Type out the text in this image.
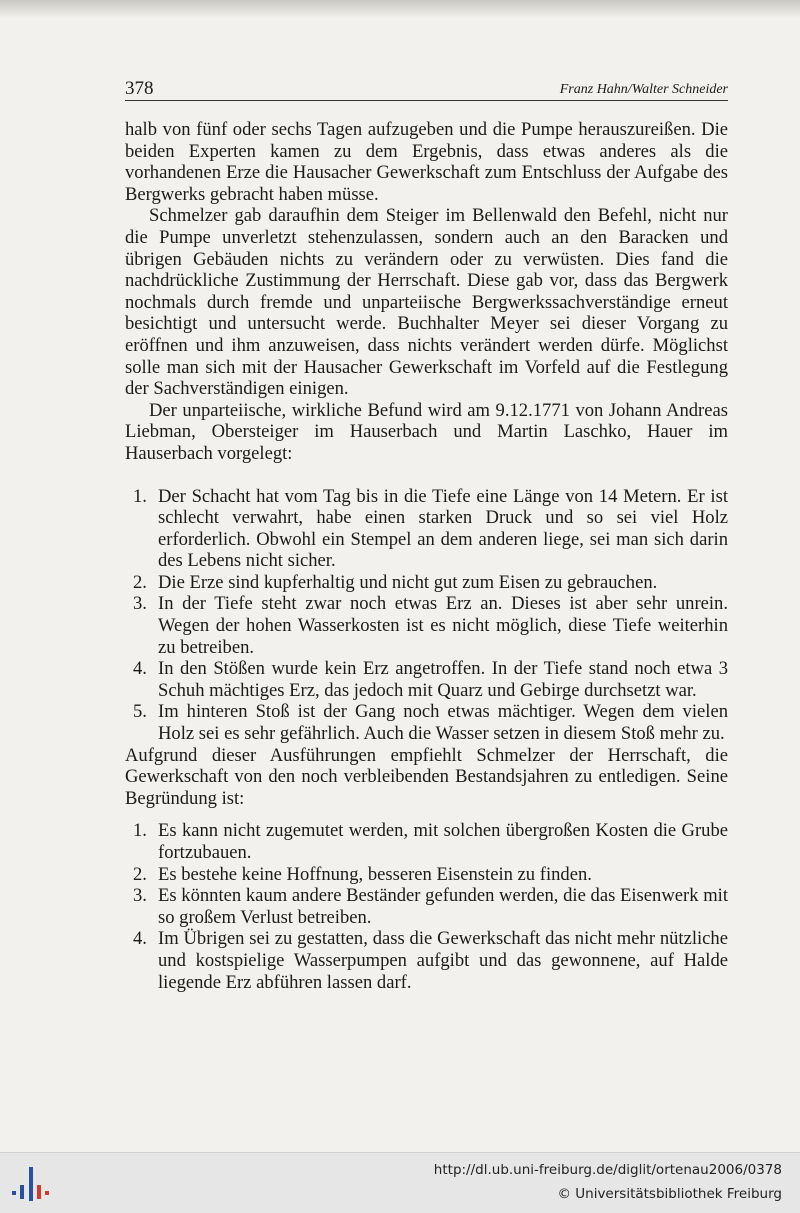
378	Franz Hahn/Walter Schneider

halb von fünf oder sechs Tagen aufzugeben und die Pumpe herauszureißen. Die beiden Experten kamen zu dem Ergebnis, dass etwas anderes als die vorhandenen Erze die Hausacher Gewerkschaft zum Entschluss der Aufgabe des Bergwerks gebracht haben müsse.

Schmelzer gab daraufhin dem Steiger im Bellenwald den Befehl, nicht nur die Pumpe unverletzt stehenzulassen, sondern auch an den Baracken und übrigen Gebäuden nichts zu verändern oder zu verwüsten. Dies fand die nachdrückliche Zustimmung der Herrschaft. Diese gab vor, dass das Bergwerk nochmals durch fremde und unparteiische Bergwerkssachverständige erneut besichtigt und untersucht werde. Buchhalter Meyer sei dieser Vorgang zu eröffnen und ihm anzuweisen, dass nichts verändert werden dürfe. Möglichst solle man sich mit der Hausacher Gewerkschaft im Vorfeld auf die Festlegung der Sachverständigen einigen.

Der unparteiische, wirkliche Befund wird am 9.12.1771 von Johann Andreas Liebman, Obersteiger im Hauserbach und Martin Laschko, Hauer im Hauserbach vorgelegt:

1. Der Schacht hat vom Tag bis in die Tiefe eine Länge von 14 Metern. Er ist schlecht verwahrt, habe einen starken Druck und so sei viel Holz erforderlich. Obwohl ein Stempel an dem anderen liege, sei man sich darin des Lebens nicht sicher.
2. Die Erze sind kupferhaltig und nicht gut zum Eisen zu gebrauchen.
3. In der Tiefe steht zwar noch etwas Erz an. Dieses ist aber sehr unrein. Wegen der hohen Wasserkosten ist es nicht möglich, diese Tiefe weiterhin zu betreiben.
4. In den Stößen wurde kein Erz angetroffen. In der Tiefe stand noch etwa 3 Schuh mächtiges Erz, das jedoch mit Quarz und Gebirge durchsetzt war.
5. Im hinteren Stoß ist der Gang noch etwas mächtiger. Wegen dem vielen Holz sei es sehr gefährlich. Auch die Wasser setzen in diesem Stoß mehr zu.

Aufgrund dieser Ausführungen empfiehlt Schmelzer der Herrschaft, die Gewerkschaft von den noch verbleibenden Bestandsjahren zu entledigen. Seine Begründung ist:

1. Es kann nicht zugemutet werden, mit solchen übergroßen Kosten die Grube fortzubauen.
2. Es bestehe keine Hoffnung, besseren Eisenstein zu finden.
3. Es könnten kaum andere Beständer gefunden werden, die das Eisenwerk mit so großem Verlust betreiben.
4. Im Übrigen sei zu gestatten, dass die Gewerkschaft das nicht mehr nützliche und kostspielige Wasserpumpen aufgibt und das gewonnene, auf Halde liegende Erz abführen lassen darf.
http://dl.ub.uni-freiburg.de/diglit/ortenau2006/0378
© Universitätsbibliothek Freiburg
